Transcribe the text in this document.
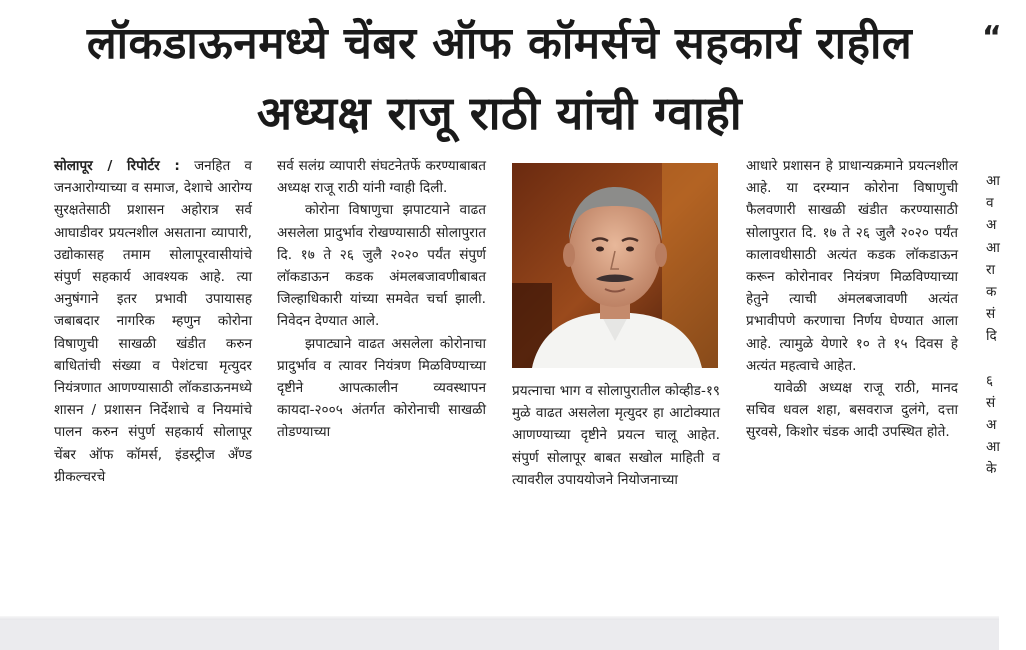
लॉकडाऊनमध्ये चेंबर ऑफ कॉमर्सचे सहकार्य राहील
अध्यक्ष राजू राठी यांची ग्वाही
“

सोलापूर / रिपोर्टर : जनहित व जनआरोग्याच्या व समाज, देशाचे आरोग्य सुरक्षतेसाठी प्रशासन अहोरात्र सर्व आघाडीवर प्रयत्नशील असताना व्यापारी, उद्योकासह तमाम सोलापूरवासीयांचे संपुर्ण सहकार्य आवश्यक आहे. त्या अनुषंगाने इतर प्रभावी उपायासह जबाबदार नागरिक म्हणुन कोरोना विषाणुची साखळी खंडीत करुन बाधितांची संख्या व पेशंटचा मृत्युदर नियंत्रणात आणण्यासाठी लॉकडाऊनमध्ये शासन / प्रशासन निर्देशाचे व नियमांचे पालन करुन संपुर्ण सहकार्य सोलापूर चेंबर ऑफ कॉमर्स, इंडस्ट्रीज अँण्ड ग्रीकल्चरचे

सर्व सलंग्र व्यापारी संघटनेतर्फे करण्याबाबत अध्यक्ष राजू राठी यांनी ग्वाही दिली.

कोरोना विषाणुचा झपाटयाने वाढत असलेला प्रादुर्भाव रोखण्यासाठी सोलापुरात दि. १७ ते २६ जुलै २०२० पर्यंत संपुर्ण लॉकडाऊन कडक अंमलबजावणीबाबत जिल्हाधिकारी यांच्या समवेत चर्चा झाली. निवेदन देण्यात आले.

झपाट्याने वाढत असलेला कोरोनाचा प्रादुर्भाव व त्यावर नियंत्रण मिळविण्याच्या दृष्टीने आपत्कालीन व्यवस्थापन कायदा-२००५ अंतर्गत कोरोनाची साखळी तोडण्याच्या

प्रयत्नाचा भाग व सोलापुरातील कोव्हीड-१९ मुळे वाढत असलेला मृत्युदर हा आटोक्यात आणण्याच्या दृष्टीने प्रयत्न चालू आहेत. संपुर्ण सोलापूर बाबत सखोल माहिती व त्यावरील उपाययोजने नियोजनाच्या

आधारे प्रशासन हे प्राधान्यक्रमाने प्रयत्नशील आहे. या दरम्यान कोरोना विषाणुची फैलवणारी साखळी खंडीत करण्यासाठी सोलापुरात दि. १७ ते २६ जुलै २०२० पर्यंत कालावधीसाठी अत्यंत कडक लॉकडाऊन करून कोरोनावर नियंत्रण मिळविण्याच्या हेतुने त्याची अंमलबजावणी अत्यंत प्रभावीपणे करणाचा निर्णय घेण्यात आला आहे. त्यामुळे येणारे १० ते १५ दिवस हे अत्यंत महत्वाचे आहेत.

यावेळी अध्यक्ष राजू राठी, मानद सचिव धवल शहा, बसवराज दुलंगे, दत्ता सुरवसे, किशोर चंडक आदी उपस्थित होते.

आ
व
अ
आ
रा
क
सं
दि
६
सं
अ
आ
के
